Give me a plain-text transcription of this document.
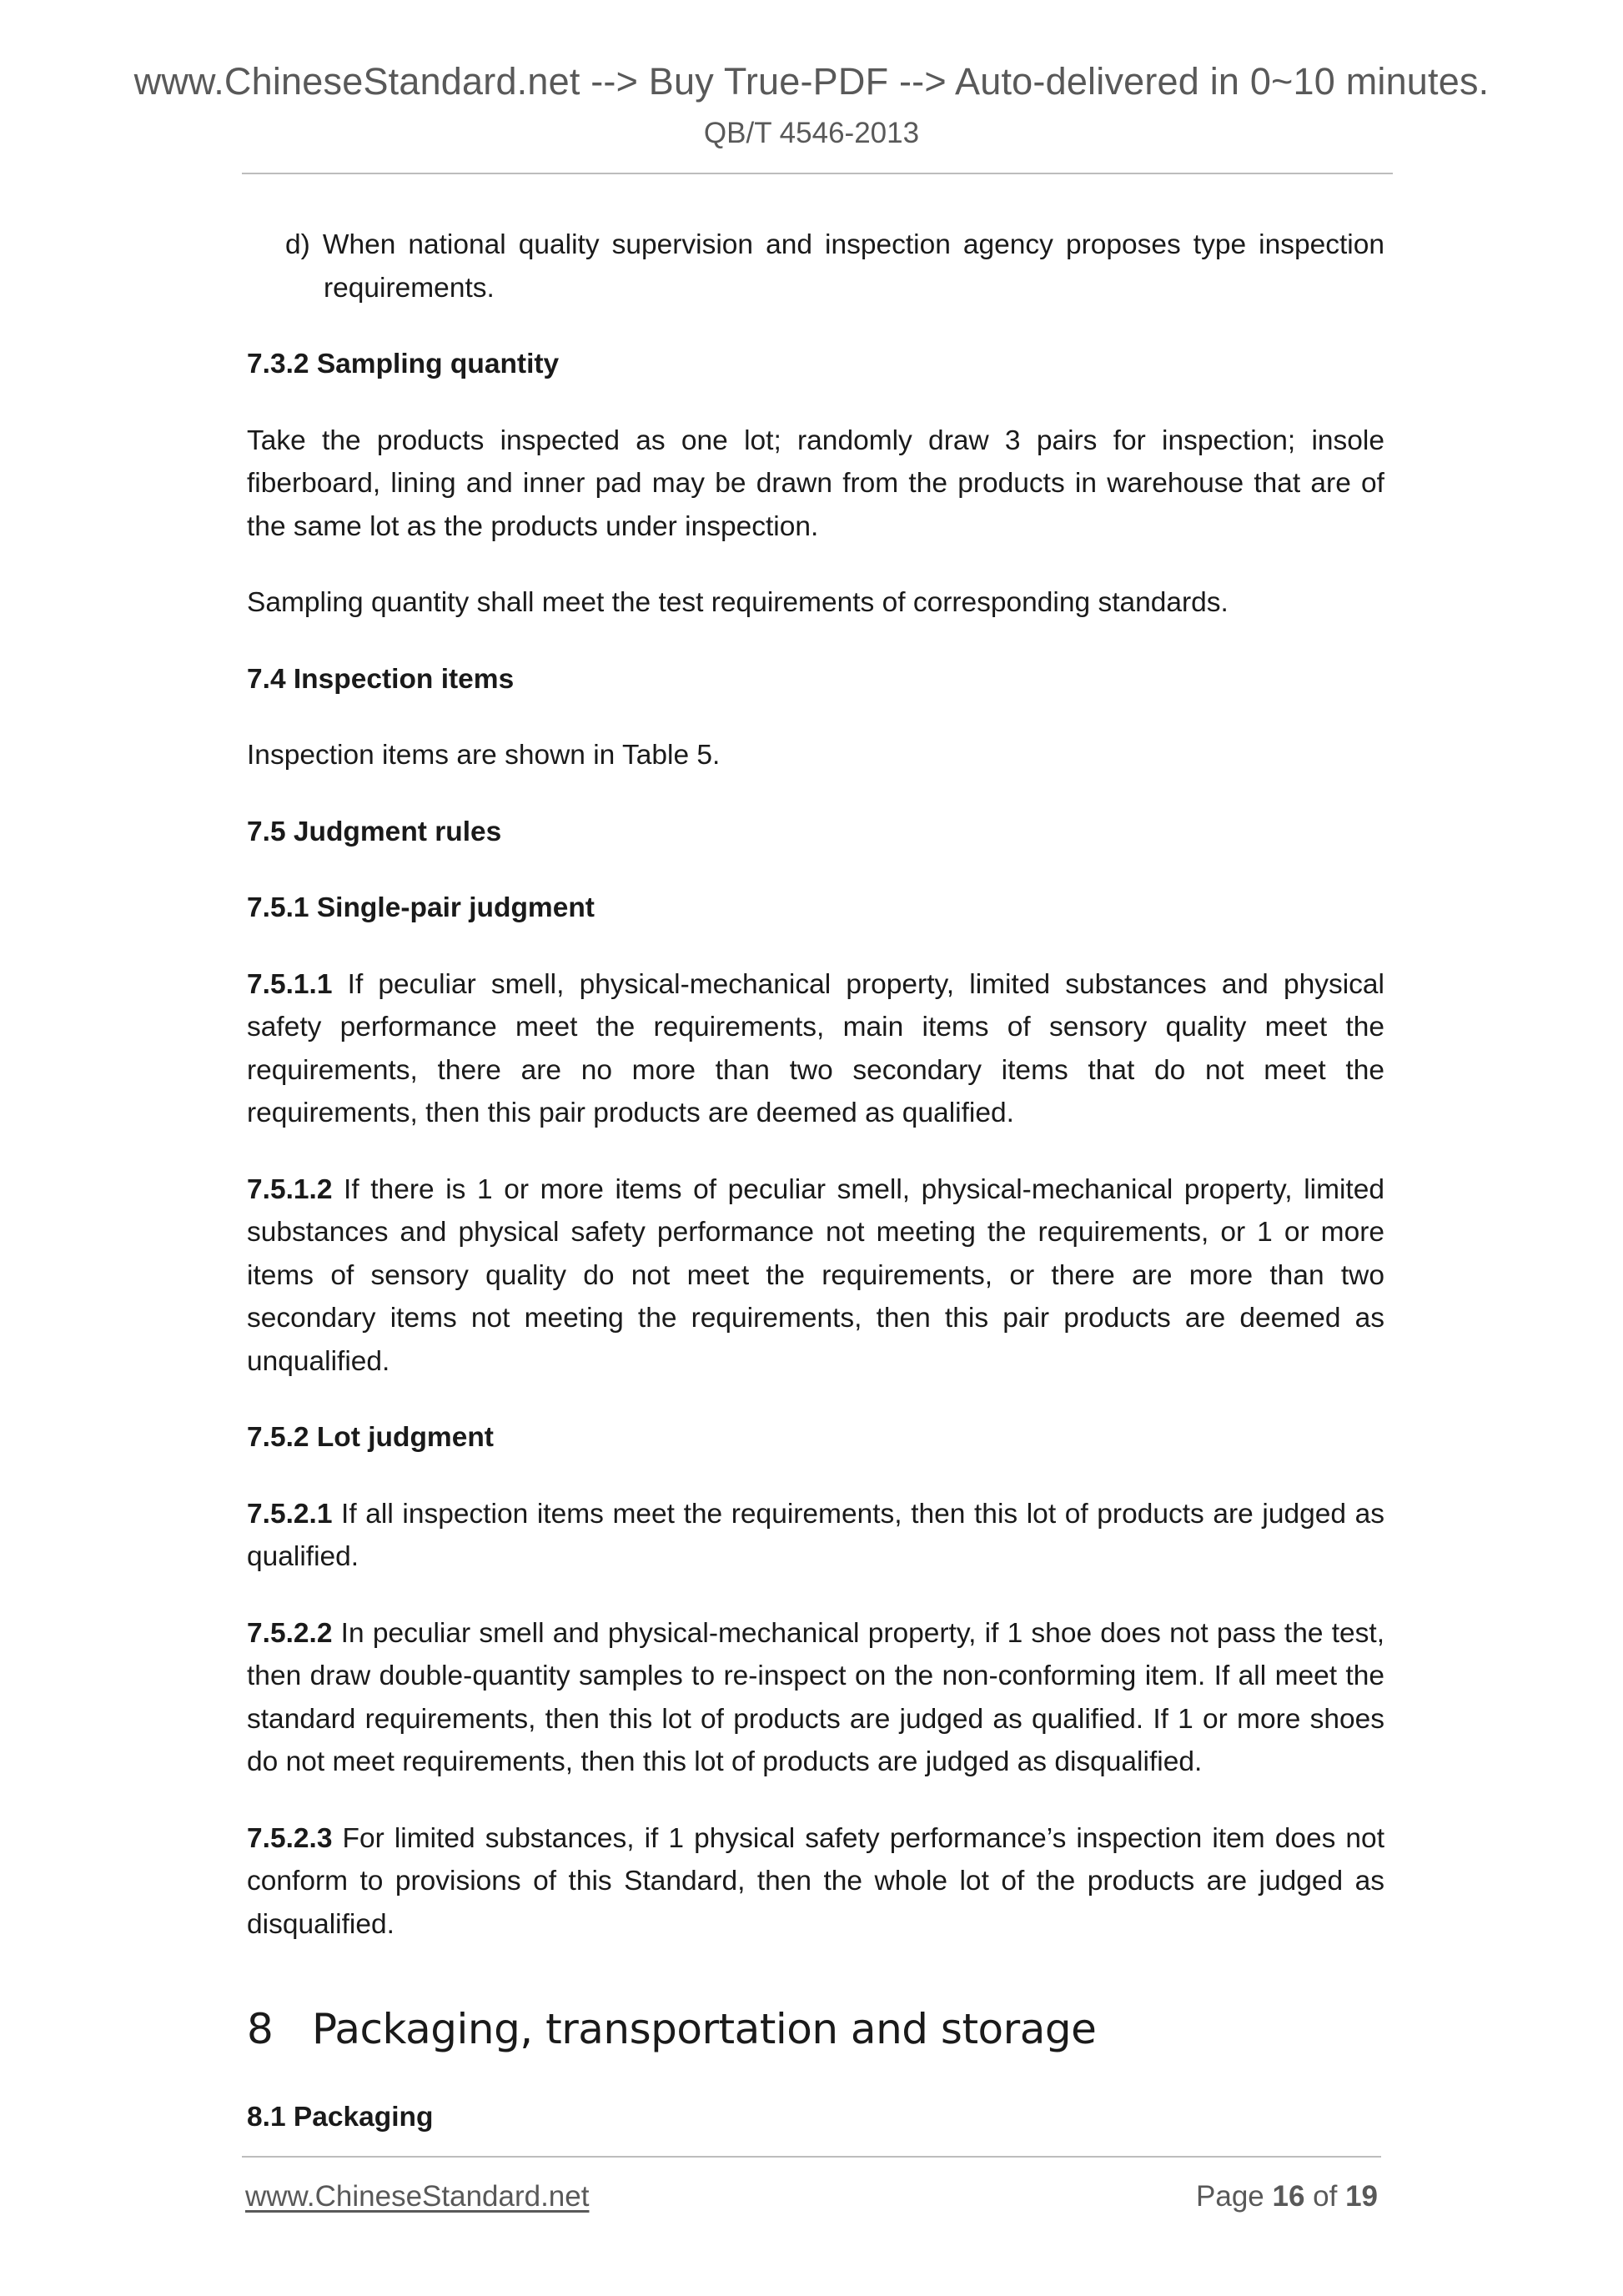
www.ChineseStandard.net --> Buy True-PDF --> Auto-delivered in 0~10 minutes.
QB/T 4546-2013

d) When national quality supervision and inspection agency proposes type inspection requirements.

7.3.2 Sampling quantity

Take the products inspected as one lot; randomly draw 3 pairs for inspection; insole fiberboard, lining and inner pad may be drawn from the products in warehouse that are of the same lot as the products under inspection.

Sampling quantity shall meet the test requirements of corresponding standards.

7.4 Inspection items

Inspection items are shown in Table 5.

7.5 Judgment rules
7.5.1 Single-pair judgment

7.5.1.1 If peculiar smell, physical-mechanical property, limited substances and physical safety performance meet the requirements, main items of sensory quality meet the requirements, there are no more than two secondary items that do not meet the requirements, then this pair products are deemed as qualified.

7.5.1.2 If there is 1 or more items of peculiar smell, physical-mechanical property, limited substances and physical safety performance not meeting the requirements, or 1 or more items of sensory quality do not meet the requirements, or there are more than two secondary items not meeting the requirements, then this pair products are deemed as unqualified.

7.5.2 Lot judgment

7.5.2.1 If all inspection items meet the requirements, then this lot of products are judged as qualified.

7.5.2.2 In peculiar smell and physical-mechanical property, if 1 shoe does not pass the test, then draw double-quantity samples to re-inspect on the non-conforming item. If all meet the standard requirements, then this lot of products are judged as qualified. If 1 or more shoes do not meet requirements, then this lot of products are judged as disqualified.

7.5.2.3 For limited substances, if 1 physical safety performance’s inspection item does not conform to provisions of this Standard, then the whole lot of the products are judged as disqualified.

8 Packaging, transportation and storage
8.1 Packaging
www.ChineseStandard.net	Page 16 of 19
